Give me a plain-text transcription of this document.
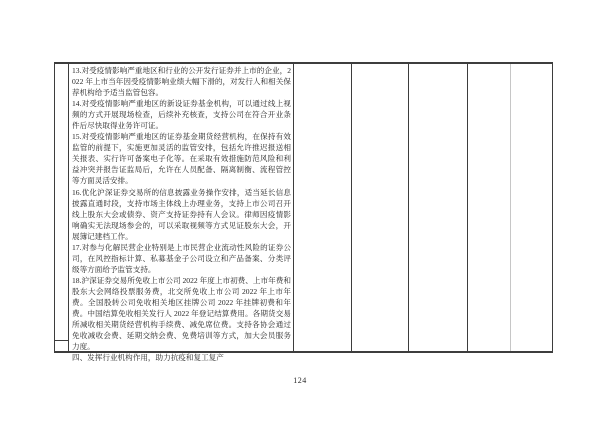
13.对受疫情影响严重地区和行业的公开发行证券并上市的企业，2022 年上市当年因受疫情影响业绩大幅下滑的，对发行人和相关保荐机构给予适当监管包容。

14.对受疫情影响严重地区的新设证券基金机构，可以通过线上视频的方式开展现场检查，后续补充核查，支持公司在符合开业条件后尽快取得业务许可证。

15.对受疫情影响严重地区的证券基金期货经营机构，在保持有效监管的前提下，实施更加灵活的监管安排，包括允许推迟报送相关报表、实行许可备案电子化等。在采取有效措施防范风险和利益冲突并报告证监局后，允许在人员配备、隔离制衡、流程管控等方面灵活安排。

16.优化沪深证券交易所的信息披露业务操作安排，适当延长信息披露直通时段，支持市场主体线上办理业务，支持上市公司召开线上股东大会或债券、资产支持证券持有人会议。律师因疫情影响确实无法现场参会的，可以采取视频等方式见证股东大会，开展簿记建档工作。

17.对参与化解民营企业特别是上市民营企业流动性风险的证券公司，在风控指标计算、私募基金子公司设立和产品备案、分类评级等方面给予监管支持。

18.沪深证券交易所免收上市公司 2022 年度上市初费、上市年费和股东大会网络投票服务费，北交所免收上市公司 2022 年上市年费。全国股转公司免收相关地区挂牌公司 2022 年挂牌初费和年费。中国结算免收相关发行人 2022 年登记结算费用。各期货交易所减收相关期货经营机构手续费、减免席位费。支持各协会通过免收减收会费、延期交纳会费、免费培训等方式，加大会员服务力度。

四、发挥行业机构作用，助力抗疫和复工复产

124
